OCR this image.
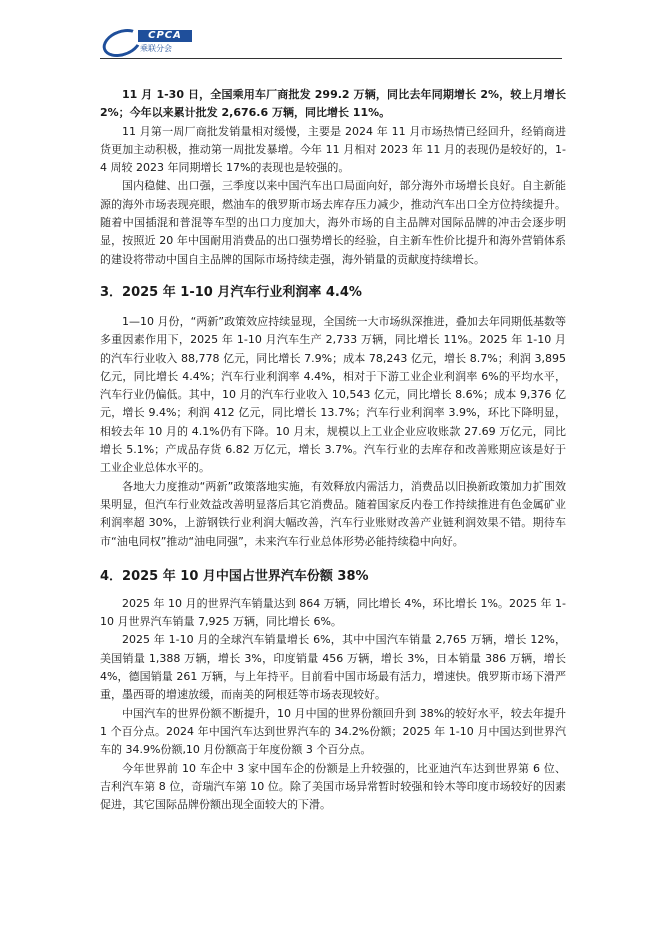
CPCA
乘联分会

11 月 1-30 日，全国乘用车厂商批发 299.2 万辆，同比去年同期增长 2%，较上月增长 2%；今年以来累计批发 2,676.6 万辆，同比增长 11%。

11 月第一周厂商批发销量相对缓慢，主要是 2024 年 11 月市场热情已经回升，经销商进货更加主动积极，推动第一周批发暴增。今年 11 月相对 2023 年 11 月的表现仍是较好的，1-4 周较 2023 年同期增长 17%的表现也是较强的。

国内稳健、出口强，三季度以来中国汽车出口局面向好，部分海外市场增长良好。自主新能源的海外市场表现亮眼，燃油车的俄罗斯市场去库存压力减少，推动汽车出口全方位持续提升。随着中国插混和普混等车型的出口力度加大，海外市场的自主品牌对国际品牌的冲击会逐步明显，按照近 20 年中国耐用消费品的出口强势增长的经验，自主新车性价比提升和海外营销体系的建设将带动中国自主品牌的国际市场持续走强，海外销量的贡献度持续增长。

3．2025 年 1-10 月汽车行业利润率 4.4%

1—10 月份，“两新”政策效应持续显现，全国统一大市场纵深推进，叠加去年同期低基数等多重因素作用下，2025 年 1-10 月汽车生产 2,733 万辆，同比增长 11%。2025 年 1-10 月的汽车行业收入 88,778 亿元，同比增长 7.9%；成本 78,243 亿元，增长 8.7%；利润 3,895 亿元，同比增长 4.4%；汽车行业利润率 4.4%，相对于下游工业企业利润率 6%的平均水平，汽车行业仍偏低。其中，10 月的汽车行业收入 10,543 亿元，同比增长 8.6%；成本 9,376 亿元，增长 9.4%；利润 412 亿元，同比增长 13.7%；汽车行业利润率 3.9%，环比下降明显，相较去年 10 月的 4.1%仍有下降。10 月末，规模以上工业企业应收账款 27.69 万亿元，同比增长 5.1%；产成品存货 6.82 万亿元，增长 3.7%。汽车行业的去库存和改善账期应该是好于工业企业总体水平的。

各地大力度推动“两新”政策落地实施，有效释放内需活力，消费品以旧换新政策加力扩围效果明显，但汽车行业效益改善明显落后其它消费品。随着国家反内卷工作持续推进有色金属矿业利润率超 30%，上游钢铁行业利润大幅改善，汽车行业账财改善产业链利润效果不错。期待车市“油电同权”推动“油电同强”，未来汽车行业总体形势必能持续稳中向好。

4．2025 年 10 月中国占世界汽车份额 38%

2025 年 10 月的世界汽车销量达到 864 万辆，同比增长 4%，环比增长 1%。2025 年 1-10 月世界汽车销量 7,925 万辆，同比增长 6%。

2025 年 1-10 月的全球汽车销量增长 6%，其中中国汽车销量 2,765 万辆，增长 12%，美国销量 1,388 万辆，增长 3%，印度销量 456 万辆，增长 3%，日本销量 386 万辆，增长 4%，德国销量 261 万辆，与上年持平。目前看中国市场最有活力，增速快。俄罗斯市场下滑严重，墨西哥的增速放缓，而南美的阿根廷等市场表现较好。

中国汽车的世界份额不断提升，10 月中国的世界份额回升到 38%的较好水平，较去年提升 1 个百分点。2024 年中国汽车达到世界汽车的 34.2%份额；2025 年 1-10 月中国达到世界汽车的 34.9%份额,10 月份额高于年度份额 3 个百分点。

今年世界前 10 车企中 3 家中国车企的份额是上升较强的，比亚迪汽车达到世界第 6 位、吉利汽车第 8 位，奇瑞汽车第 10 位。除了美国市场异常暂时较强和铃木等印度市场较好的因素促进，其它国际品牌份额出现全面较大的下滑。
